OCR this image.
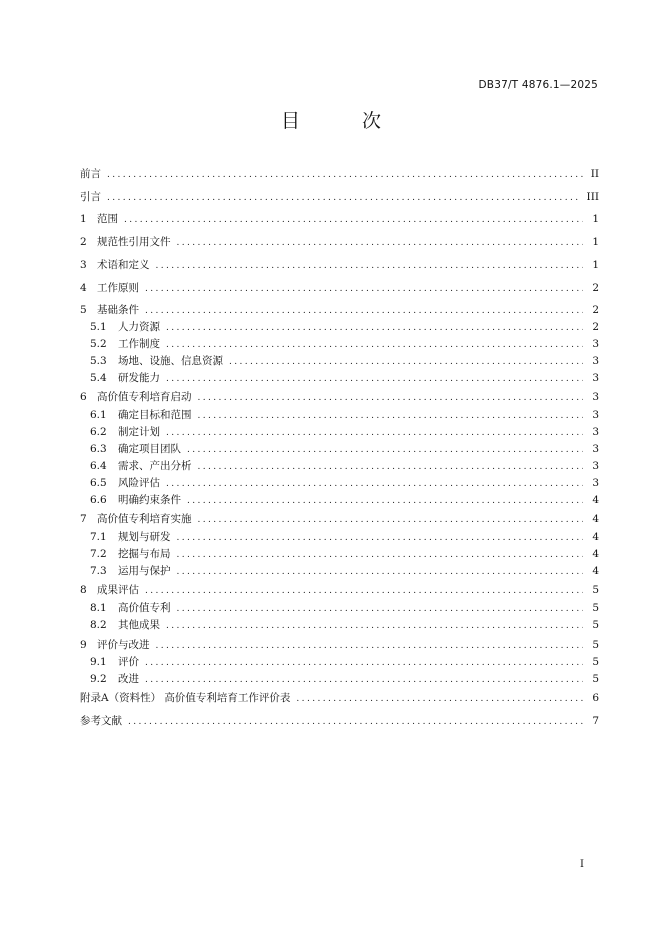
DB37/T 4876.1—2025
目 次
前言 .....	II
引言 .....	III
1 范围 .....	1
2 规范性引用文件 .....	1
3 术语和定义 .....	1
4 工作原则 .....	2
5 基础条件 .....	2
5.1	人力资源 .....	2
5.2	工作制度 .....	3
5.3	场地、设施、信息资源 .....	3
5.4	研发能力 .....	3
6 高价值专利培育启动 .....	3
6.1	确定目标和范围 .....	3
6.2	制定计划 .....	3
6.3	确定项目团队 .....	3
6.4	需求、产出分析 .....	3
6.5	风险评估 .....	3
6.6	明确约束条件 .....	4
7 高价值专利培育实施 .....	4
7.1	规划与研发 .....	4
7.2	挖掘与布局 .....	4
7.3	运用与保护 .....	4
8 成果评估 .....	5
8.1	高价值专利 .....	5
8.2	其他成果 .....	5
9 评价与改进 .....	5
9.1	评价 .....	5
9.2	改进 .....	5
附录A（资料性） 高价值专利培育工作评价表 .....	6
参考文献 .....	7
I
